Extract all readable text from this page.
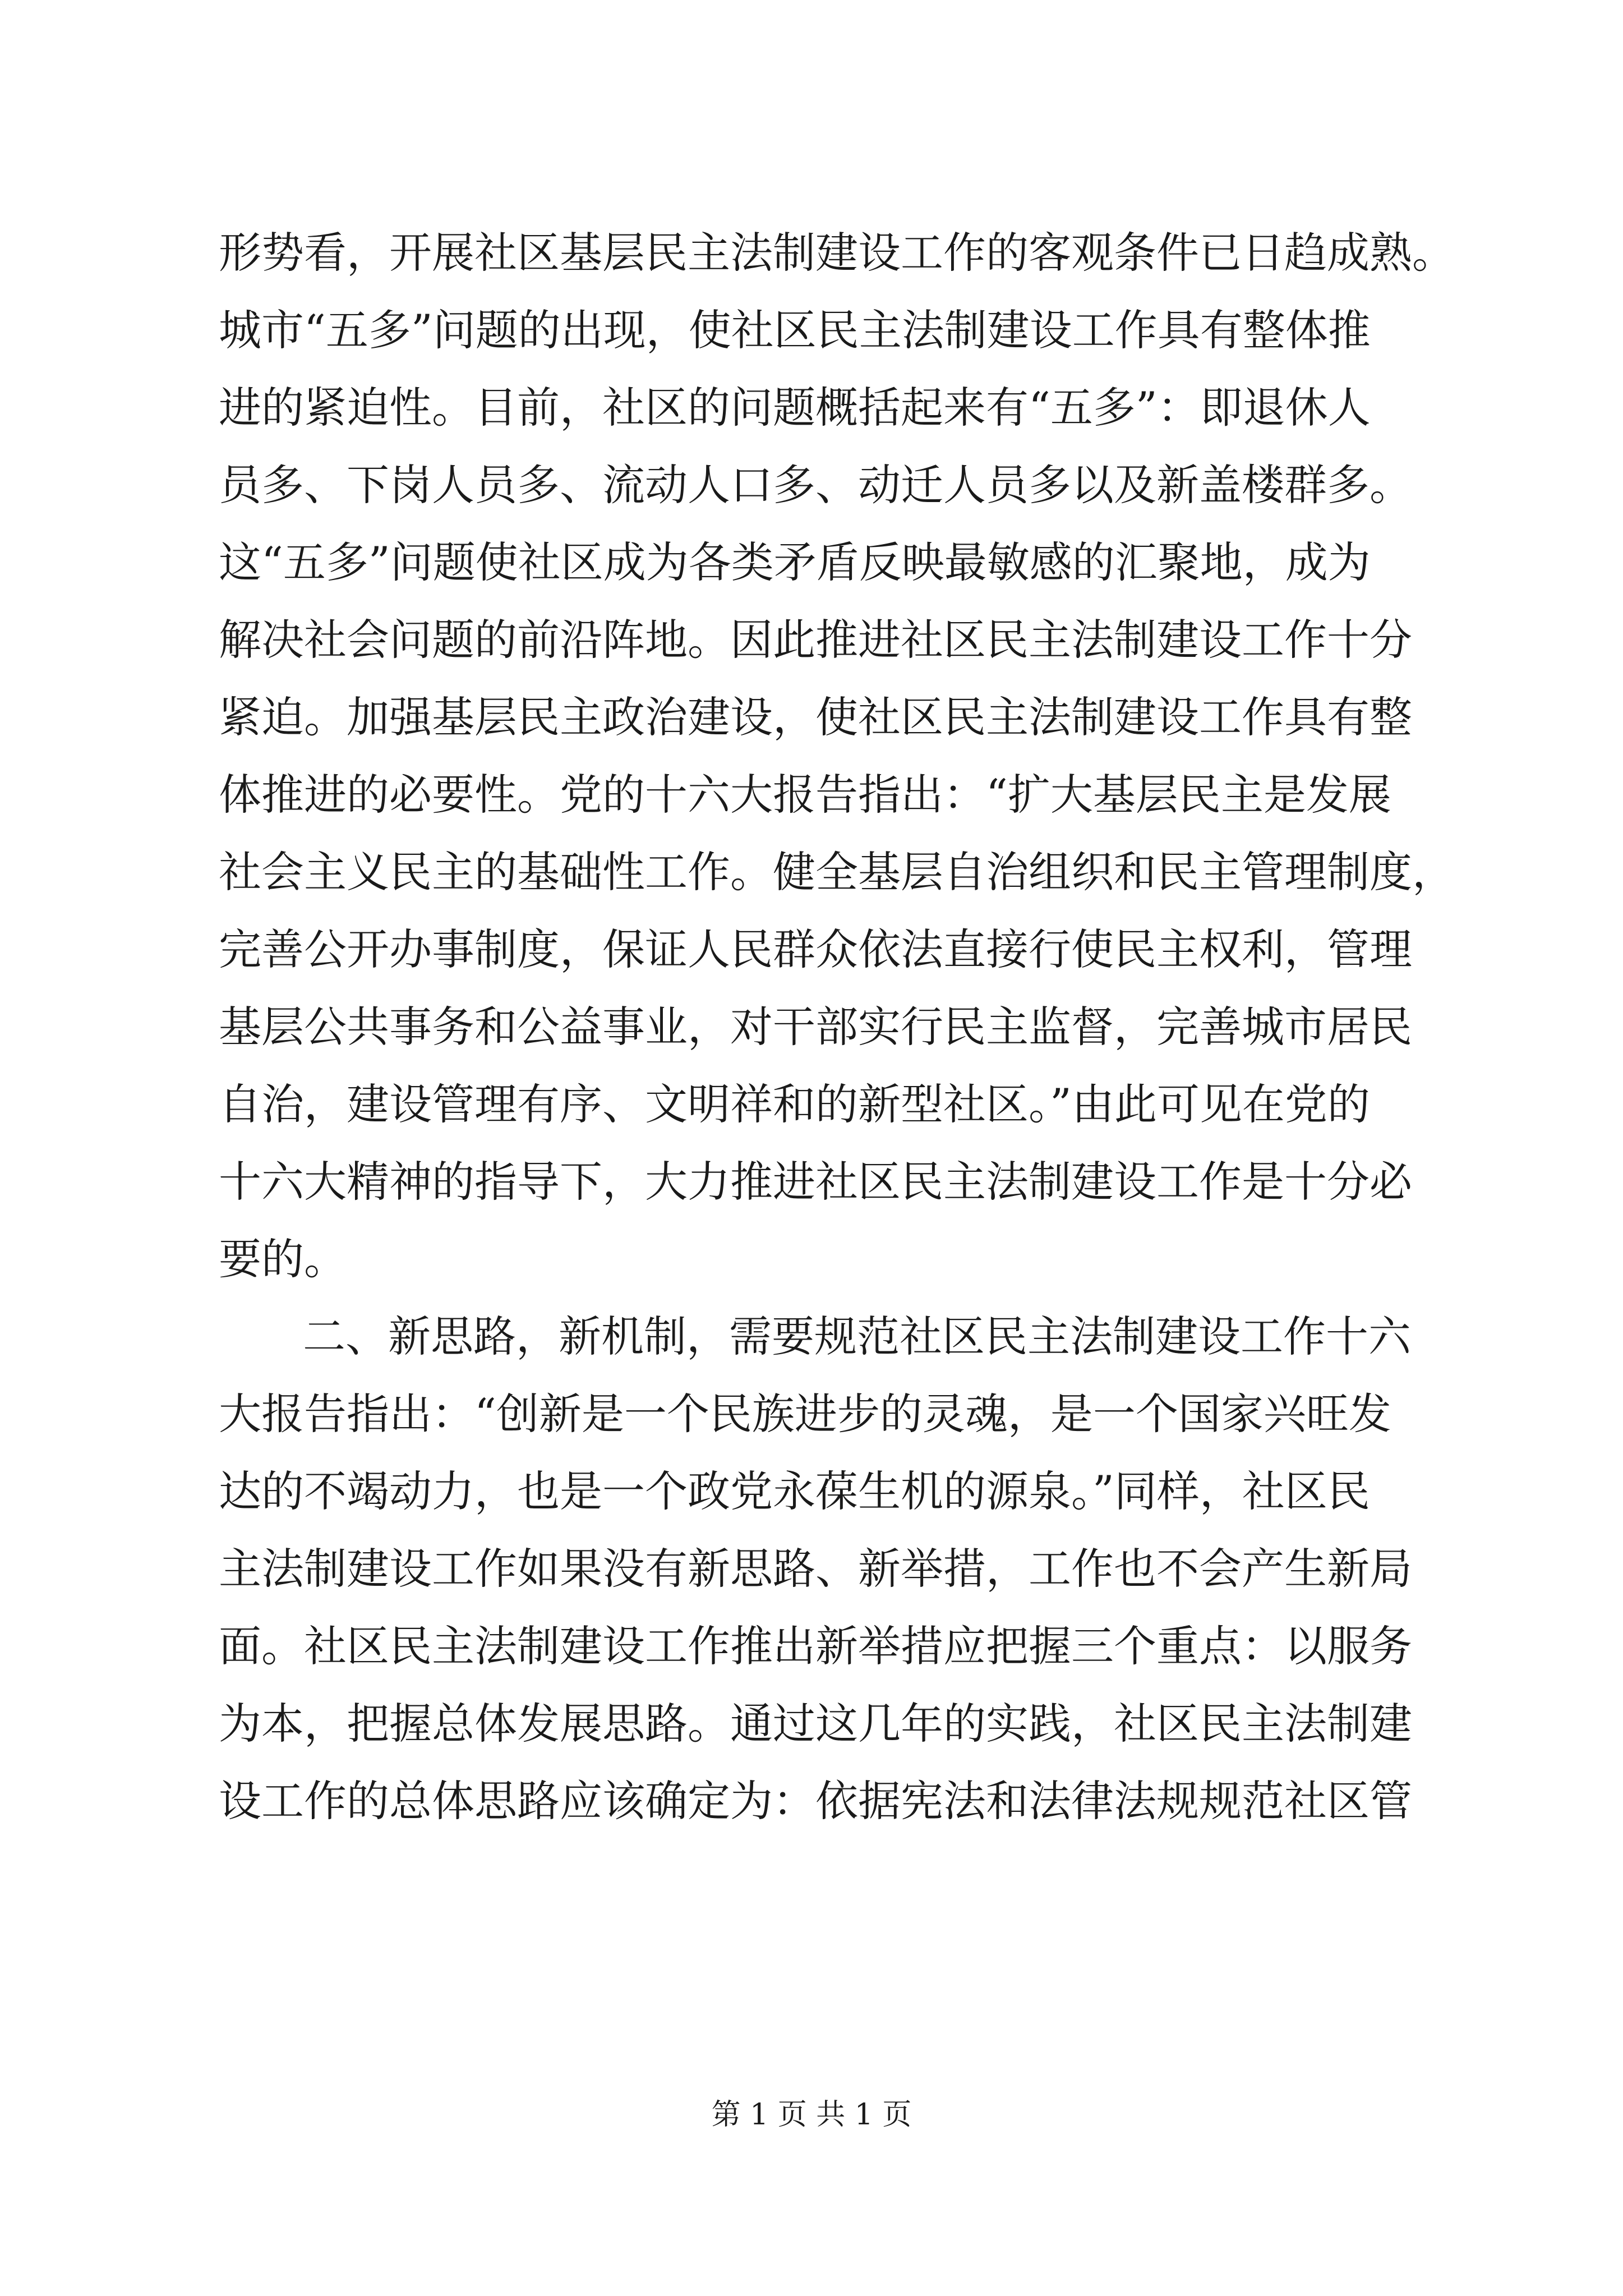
形势看，开展社区基层民主法制建设工作的客观条件已日趋成熟。
城市“五多”问题的出现，使社区民主法制建设工作具有整体推
进的紧迫性。目前，社区的问题概括起来有“五多”：即退休人
员多、下岗人员多、流动人口多、动迁人员多以及新盖楼群多。
这“五多”问题使社区成为各类矛盾反映最敏感的汇聚地，成为
解决社会问题的前沿阵地。因此推进社区民主法制建设工作十分
紧迫。加强基层民主政治建设，使社区民主法制建设工作具有整
体推进的必要性。党的十六大报告指出：“扩大基层民主是发展
社会主义民主的基础性工作。健全基层自治组织和民主管理制度，
完善公开办事制度，保证人民群众依法直接行使民主权利，管理
基层公共事务和公益事业，对干部实行民主监督，完善城市居民
自治，建设管理有序、文明祥和的新型社区。”由此可见在党的
十六大精神的指导下，大力推进社区民主法制建设工作是十分必
要的。
二、新思路，新机制，需要规范社区民主法制建设工作十六
大报告指出：“创新是一个民族进步的灵魂，是一个国家兴旺发
达的不竭动力，也是一个政党永葆生机的源泉。”同样，社区民
主法制建设工作如果没有新思路、新举措，工作也不会产生新局
面。社区民主法制建设工作推出新举措应把握三个重点：以服务
为本，把握总体发展思路。通过这几年的实践，社区民主法制建
设工作的总体思路应该确定为：依据宪法和法律法规规范社区管
第 1 页 共 1 页
